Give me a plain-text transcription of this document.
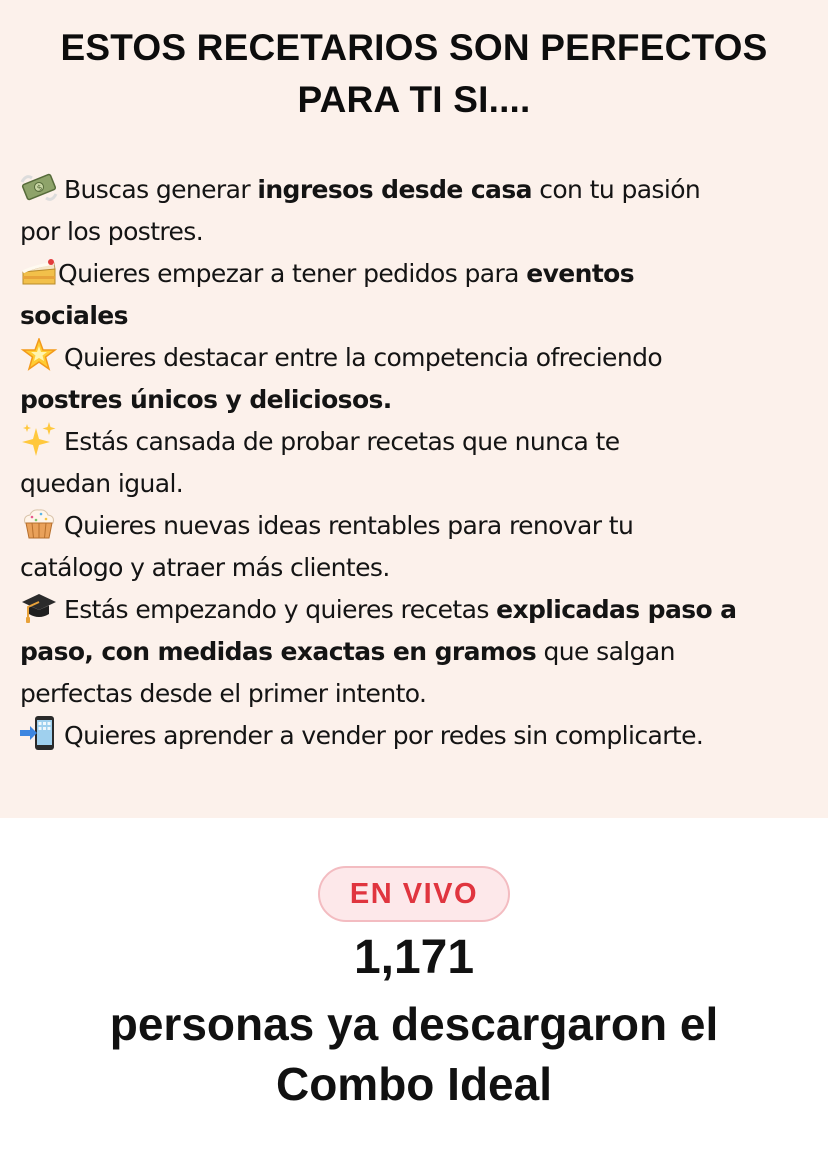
ESTOS RECETARIOS SON PERFECTOS
PARA TI SI....
$ Buscas generar ingresos desde casa con tu pasión
por los postres.
Quieres empezar a tener pedidos para eventos
sociales
Quieres destacar entre la competencia ofreciendo
postres únicos y deliciosos.
Estás cansada de probar recetas que nunca te
quedan igual.
Quieres nuevas ideas rentables para renovar tu
catálogo y atraer más clientes.
Estás empezando y quieres recetas explicadas paso a
paso, con medidas exactas en gramos que salgan
perfectas desde el primer intento.
Quieres aprender a vender por redes sin complicarte.
EN VIVO
1,171
personas ya descargaron el
Combo Ideal
